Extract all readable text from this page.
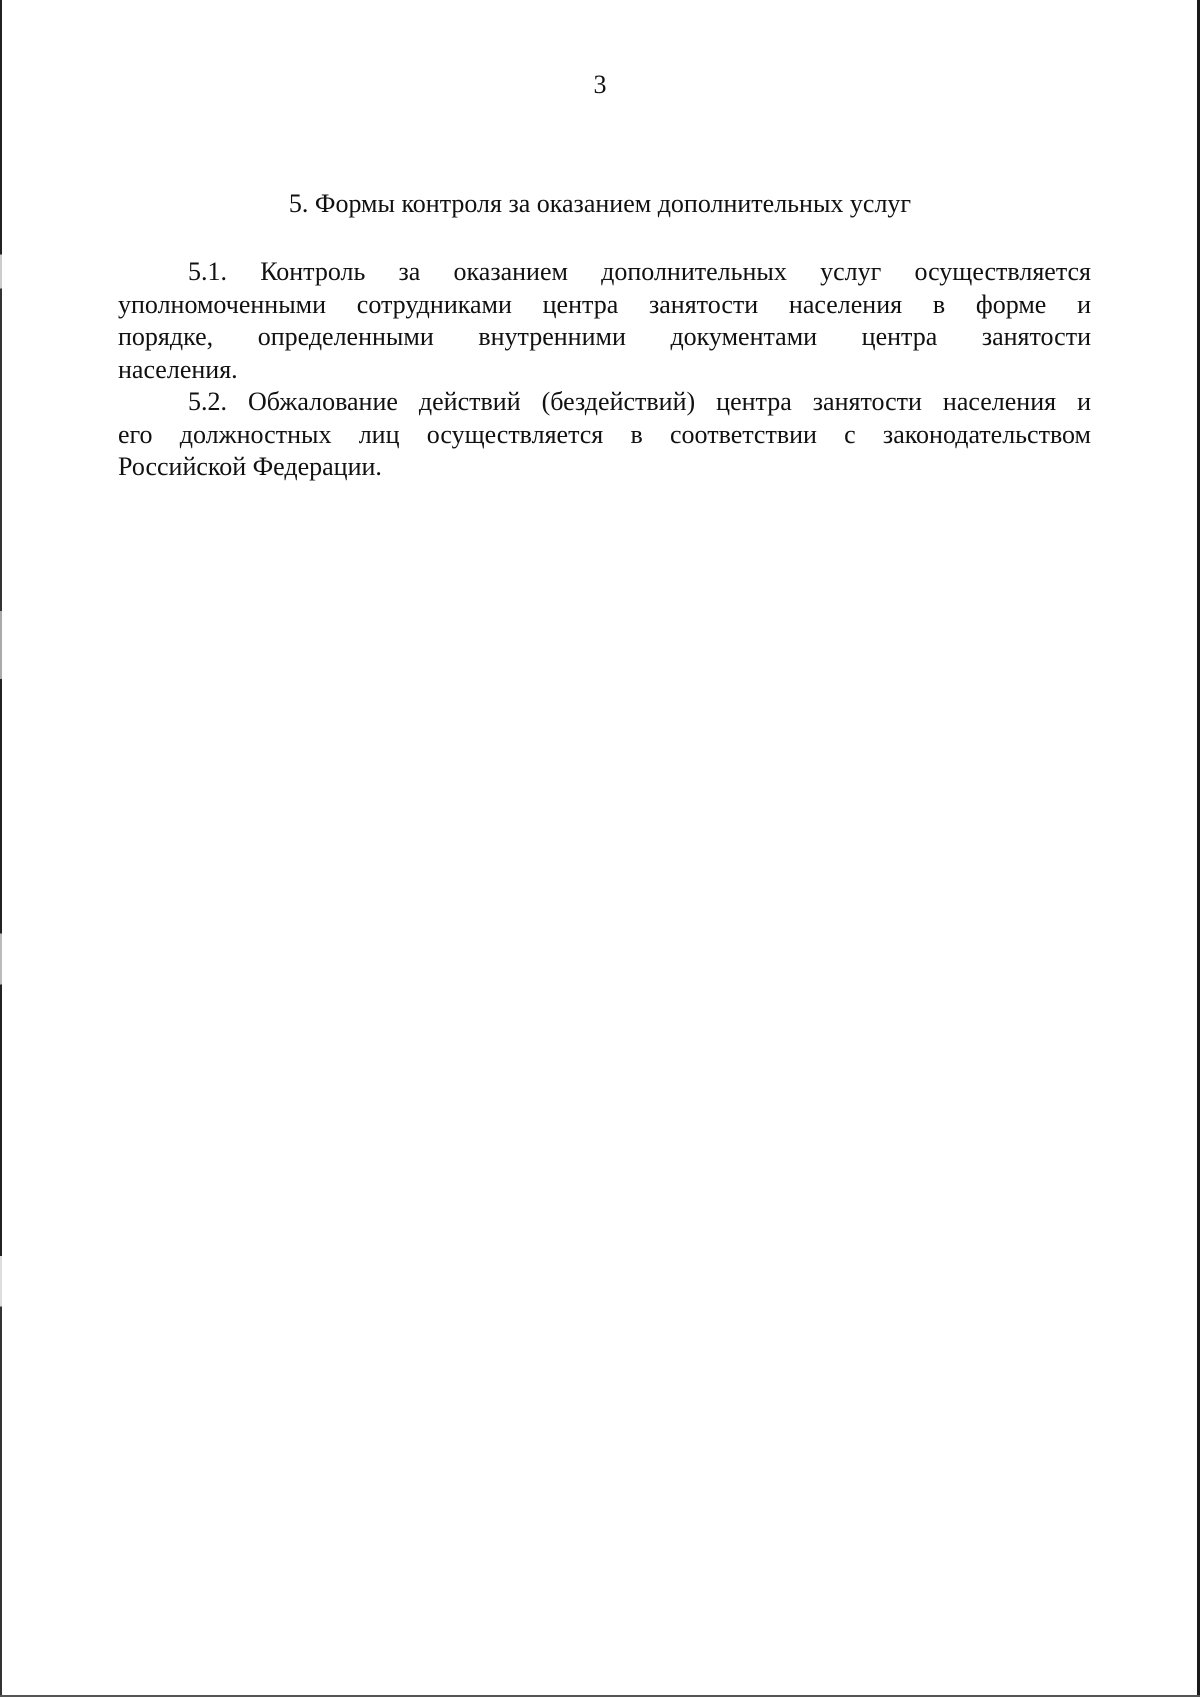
3
5. Формы контроля за оказанием дополнительных услуг
5.1. Контроль за оказанием дополнительных услуг осуществляется
уполномоченными сотрудниками центра занятости населения в форме и
порядке, определенными внутренними документами центра занятости
населения.
5.2. Обжалование действий (бездействий) центра занятости населения и
его должностных лиц осуществляется в соответствии с законодательством
Российской Федерации.
